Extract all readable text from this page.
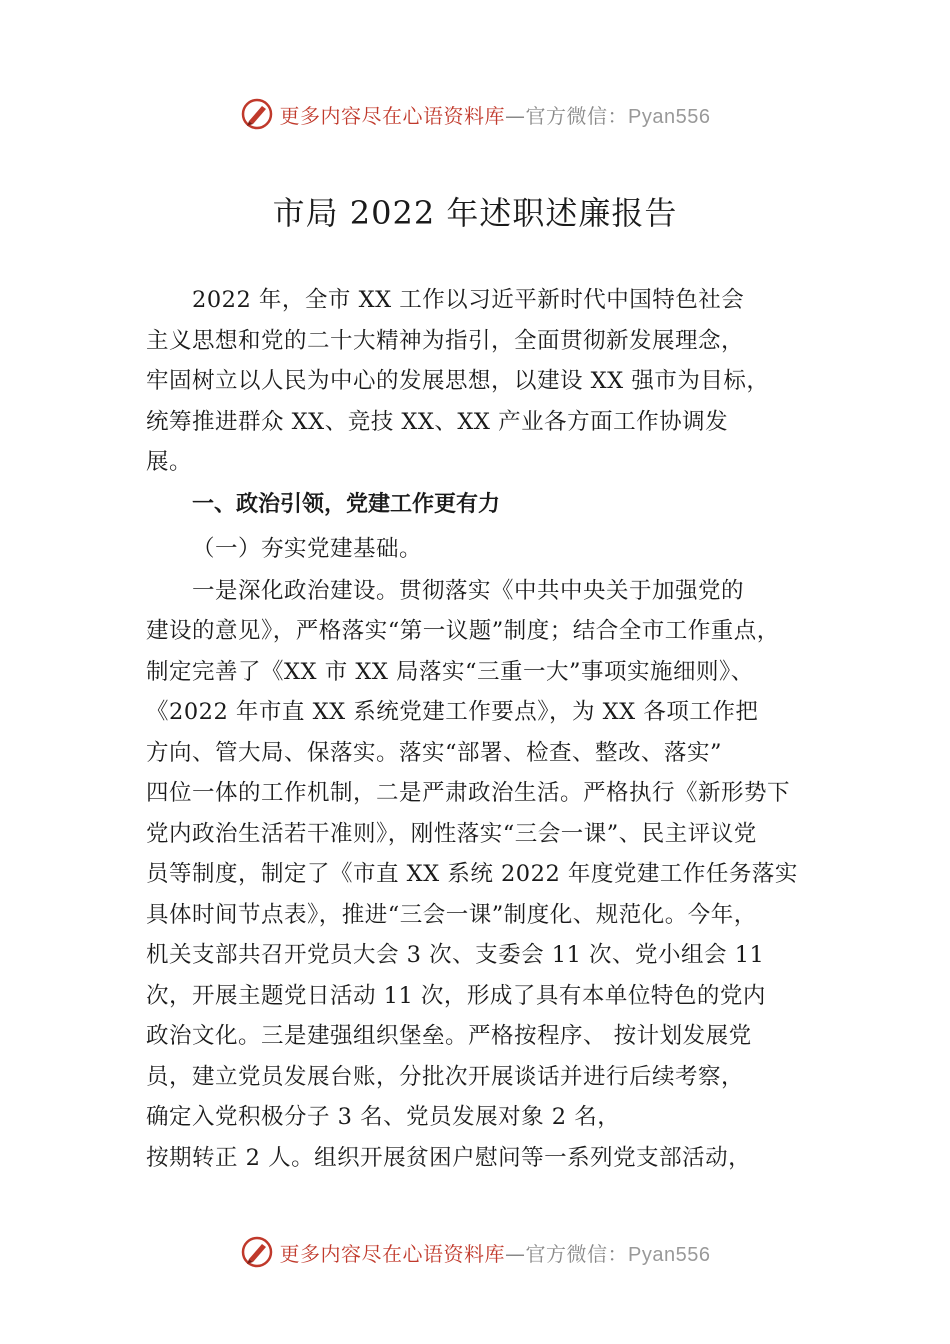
更多内容尽在心语资料库—官方微信：Pyan556
市局 2022 年述职述廉报告
2022 年，全市 XX 工作以习近平新时代中国特色社会
主义思想和党的二十大精神为指引，全面贯彻新发展理念，
牢固树立以人民为中心的发展思想，以建设 XX 强市为目标，
统筹推进群众 XX、竞技 XX、XX 产业各方面工作协调发
展。
一、政治引领，党建工作更有力
（一）夯实党建基础。
一是深化政治建设。贯彻落实《中共中央关于加强党的
建设的意见》，严格落实“第一议题”制度；结合全市工作重点，
制定完善了《XX 市 XX 局落实“三重一大”事项实施细则》、
《2022 年市直 XX 系统党建工作要点》，为 XX 各项工作把
方向、管大局、保落实。落实“部署、检查、整改、落实”
四位一体的工作机制，二是严肃政治生活。严格执行《新形势下
党内政治生活若干准则》，刚性落实“三会一课”、民主评议党
员等制度，制定了《市直 XX 系统 2022 年度党建工作任务落实
具体时间节点表》，推进“三会一课”制度化、规范化。今年，
机关支部共召开党员大会 3 次、支委会 11 次、党小组会 11
次，开展主题党日活动 11 次，形成了具有本单位特色的党内
政治文化。三是建强组织堡垒。严格按程序、 按计划发展党
员，建立党员发展台账，分批次开展谈话并进行后续考察，
确定入党积极分子 3 名、党员发展对象 2 名，
按期转正 2 人。组织开展贫困户慰问等一系列党支部活动，
更多内容尽在心语资料库—官方微信：Pyan556
